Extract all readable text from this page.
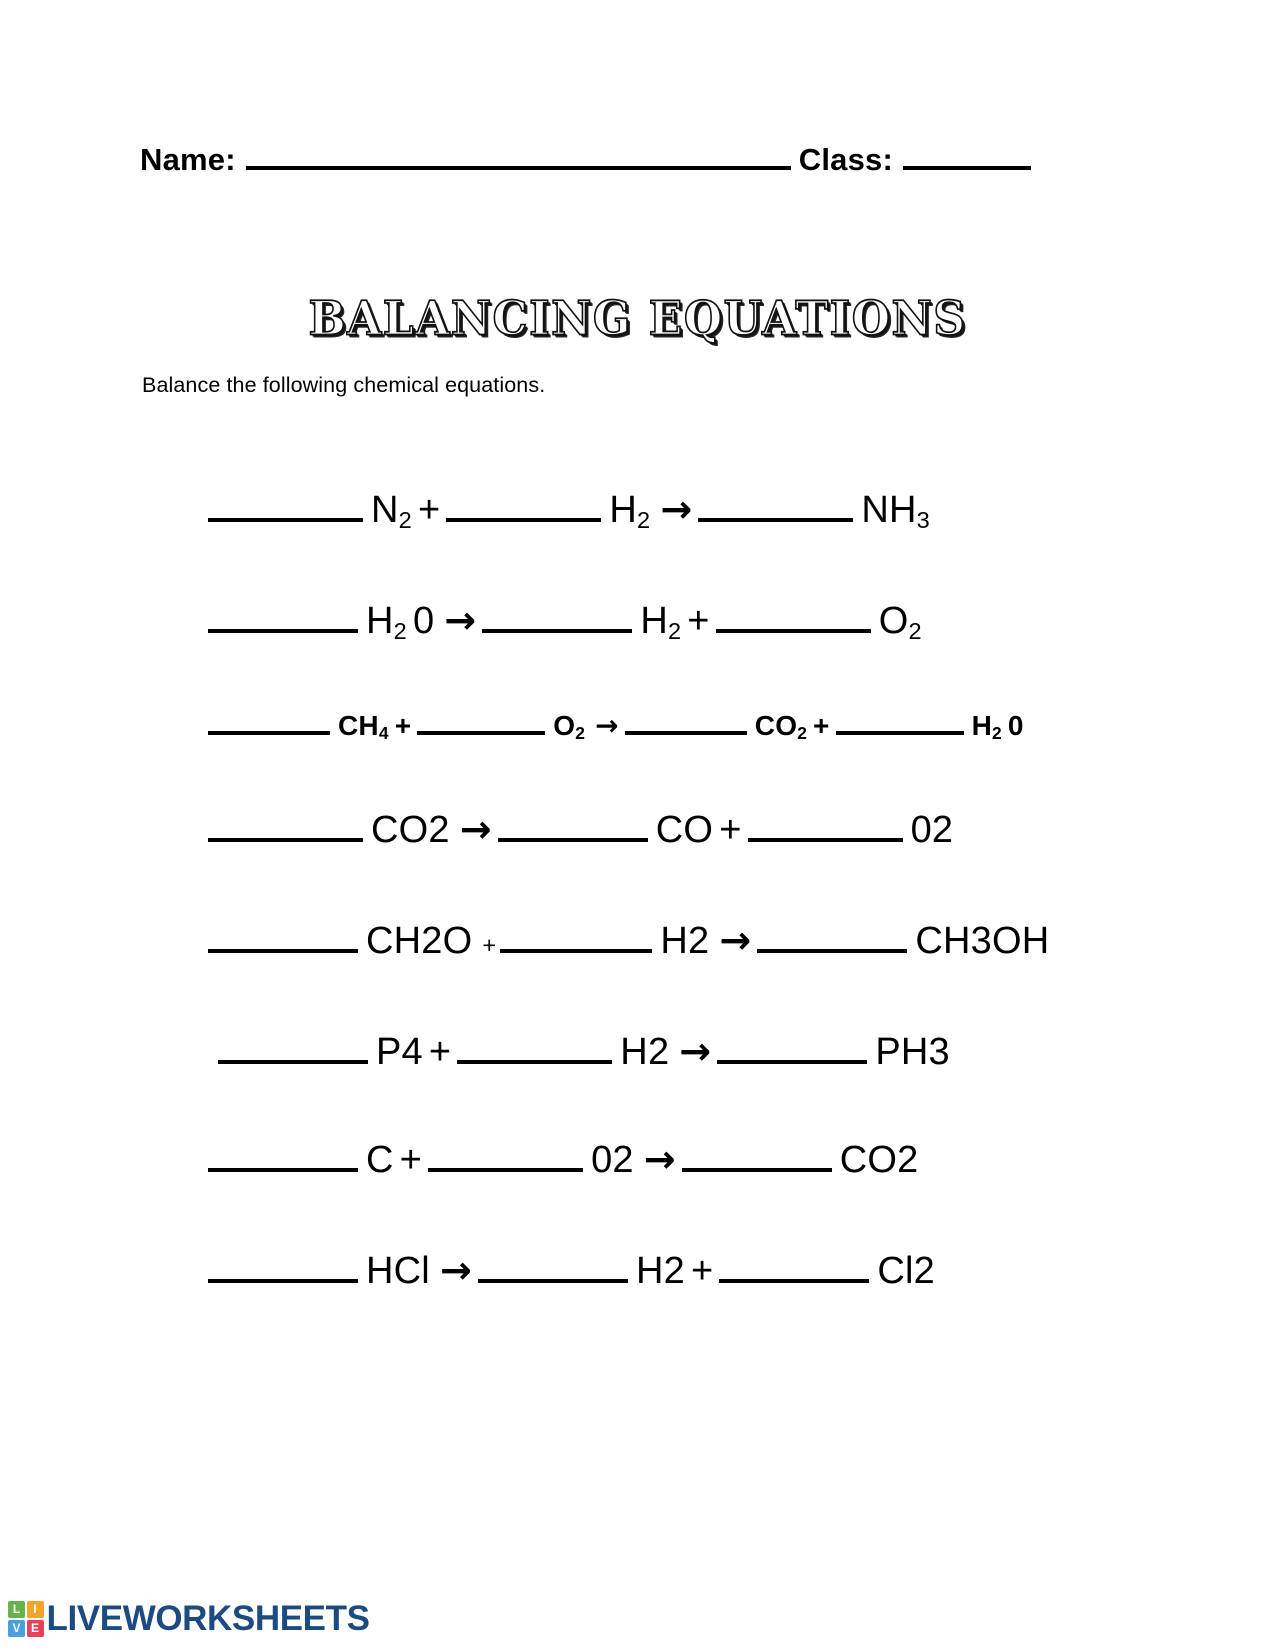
Name:	Class:
BALANCING EQUATIONS
Balance the following chemical equations.
$N_2$ +	$H_2$ →	$NH_3$
$H_2$ 0 →	$H_2$ +	$O_2$
$CH_4$ +	$O_2$ →	$CO_2$ +	$H_2$ 0
CO2 →	CO +	02
CH2O +	H2 →	CH3OH
P4 +	H2 →	PH3
C +	02 →	CO2
HCl →	H2 +	Cl2
L	I
V E LIVEWORKSHEETS
